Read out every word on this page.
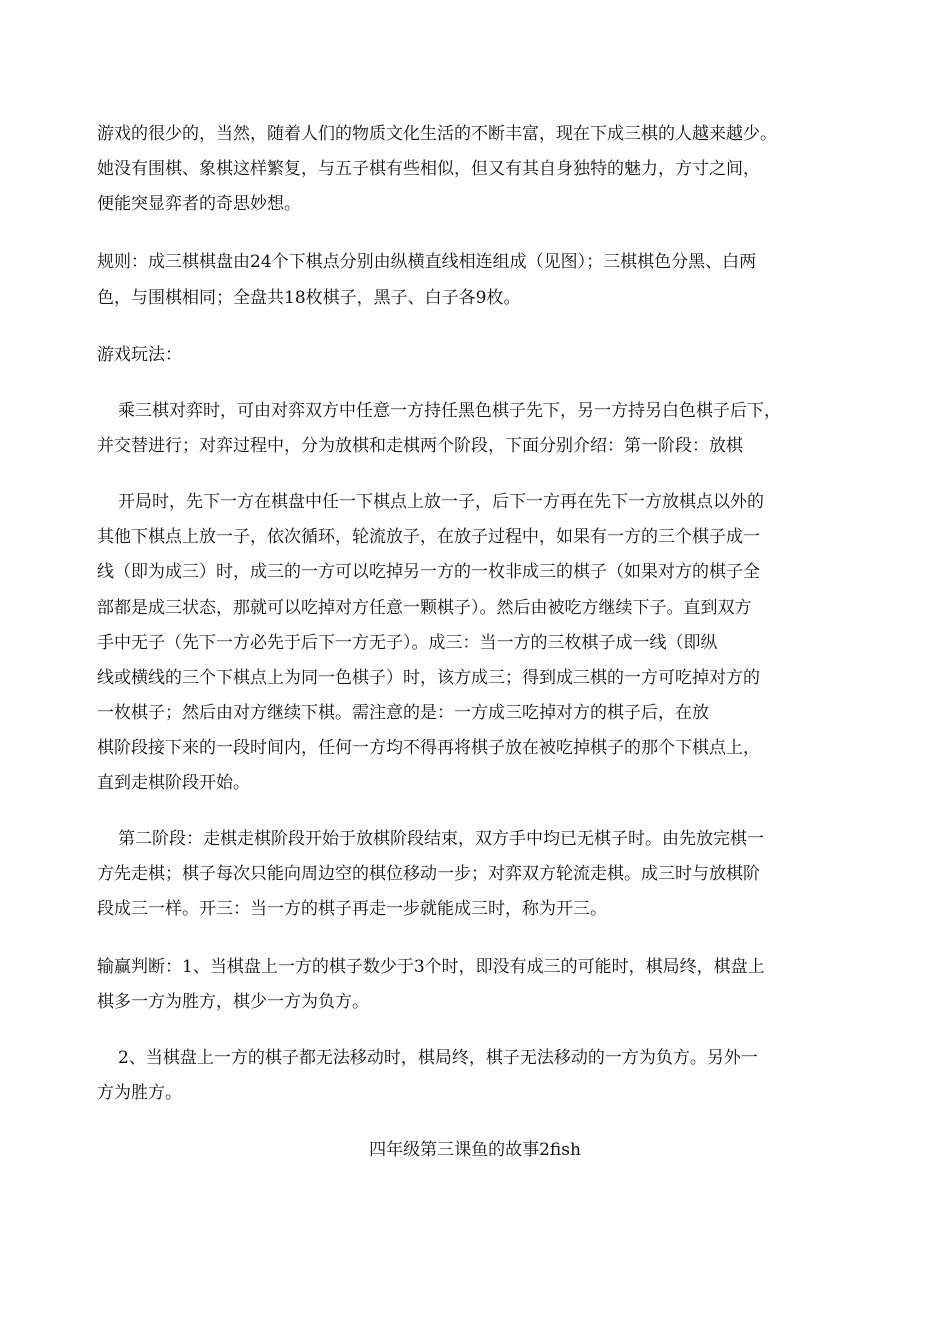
游戏的很少的，当然，随着人们的物质文化生活的不断丰富，现在下成三棋的人越来越少。
她没有围棋、象棋这样繁复，与五子棋有些相似，但又有其自身独特的魅力，方寸之间，
便能突显弈者的奇思妙想。
规则：成三棋棋盘由24个下棋点分别由纵横直线相连组成（见图）；三棋棋色分黑、白两
色，与围棋相同；全盘共18枚棋子，黑子、白子各9枚。
游戏玩法：
乘三棋对弈时，可由对弈双方中任意一方持任黑色棋子先下，另一方持另白色棋子后下，
并交替进行；对弈过程中，分为放棋和走棋两个阶段，下面分别介绍：第一阶段：放棋
开局时，先下一方在棋盘中任一下棋点上放一子，后下一方再在先下一方放棋点以外的
其他下棋点上放一子，依次循环，轮流放子，在放子过程中，如果有一方的三个棋子成一
线（即为成三）时，成三的一方可以吃掉另一方的一枚非成三的棋子（如果对方的棋子全
部都是成三状态，那就可以吃掉对方任意一颗棋子）。然后由被吃方继续下子。直到双方
手中无子（先下一方必先于后下一方无子）。成三：当一方的三枚棋子成一线（即纵
线或横线的三个下棋点上为同一色棋子）时，该方成三；得到成三棋的一方可吃掉对方的
一枚棋子；然后由对方继续下棋。需注意的是：一方成三吃掉对方的棋子后，在放
棋阶段接下来的一段时间内，任何一方均不得再将棋子放在被吃掉棋子的那个下棋点上，
直到走棋阶段开始。
第二阶段：走棋走棋阶段开始于放棋阶段结束，双方手中均已无棋子时。由先放完棋一
方先走棋；棋子每次只能向周边空的棋位移动一步；对弈双方轮流走棋。成三时与放棋阶
段成三一样。开三：当一方的棋子再走一步就能成三时，称为开三。
输赢判断：1、当棋盘上一方的棋子数少于3个时，即没有成三的可能时，棋局终，棋盘上
棋多一方为胜方，棋少一方为负方。
2、当棋盘上一方的棋子都无法移动时，棋局终，棋子无法移动的一方为负方。另外一
方为胜方。
四年级第三课鱼的故事2fish
